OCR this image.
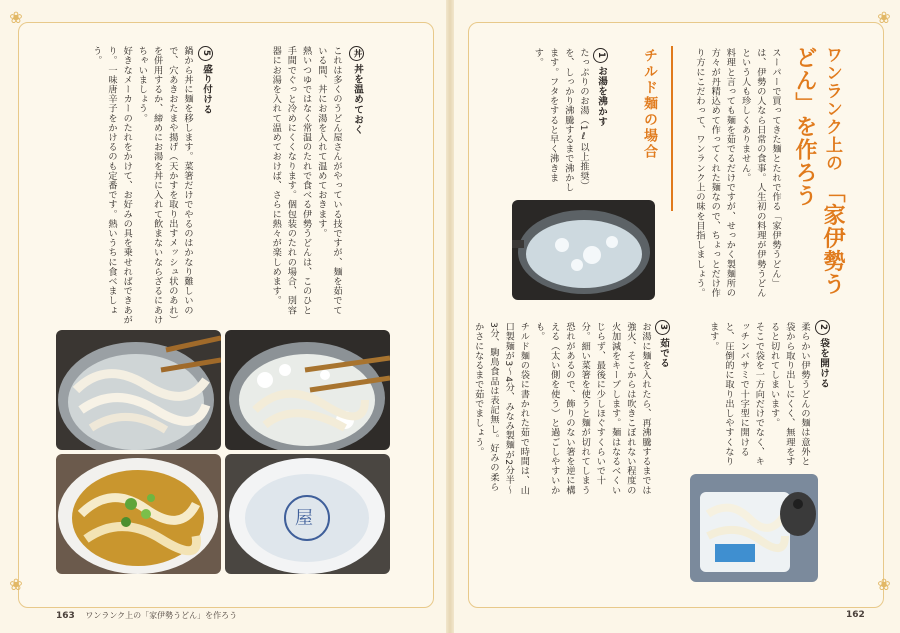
❀
❀
丼丼を温めておく
これは多くのうどん屋さんがやっている技ですが、麺を茹でている間、丼にお湯を入れて温めておきます。
熱いつゆではなく常温のたれで食べる伊勢うどんは、このひと手間でぐっと冷めにくくなります。個包装のたれの場合、別容器にお湯を入れて温めておけば、さらに熱々が楽しめます。
5盛り付ける
鍋から丼に麺を移します。菜箸だけでやるのはかなり難しいので、穴あきおたまや揚げ（天かすを取り出すメッシュ状のあれ）を併用するか、締めにお湯を丼に入れて飲まないならざるにあけちゃいましょう。
好きなメーカーのたれをかけて、お好みの具を乗せればできあがり。一味唐辛子をかけるのも定番です。熱いうちに食べましょう。
屋
163 ワンランク上の「家伊勢うどん」を作ろう
❀
❀
ワンランク上の 「家伊勢うどん」を作ろう
スーパーで買ってきた麺とたれで作る「家伊勢うどん」は、伊勢の人なら日常の食事。人生初の料理が伊勢うどんという人も珍しくありません。
料理と言っても麺を茹でるだけですが、せっかく製麺所の方々が丹精込めて作ってくれた麺なので、ちょっとだけ作り方にこだわって、ワンランク上の味を目指しましょう。
チルド麺の場合
1お湯を沸かす
たっぷりのお湯（1ℓ以上推奨）を、しっかり沸騰するまで沸かします。フタをすると早く沸きます。
2袋を開ける
柔らかい伊勢うどんの麺は意外と袋から取り出しにくく、無理をすると切れてしまいます。
そこで袋を一方向だけでなく、キッチンバサミで十字型に開けると、圧倒的に取り出しやすくなります。
3茹でる
お湯に麺を入れたら、再沸騰するまでは強火、そこからは吹きこぼれない程度の火加減をキープします。麺はなるべくいじらず、最後に少しほぐすくらいで十分。細い菜箸を使うと麺が切れてしまう恐れがあるので、飾りのない箸を逆に構える（太い側を使う）と過ごしやすいかも。
チルド麺の袋に書かれた茹で時間は、山口製麺が3〜4分、みなみ製麺が2分半〜3分、駒鳥食品は表記無し。好みの柔らかさになるまで茹でましょう。
162
